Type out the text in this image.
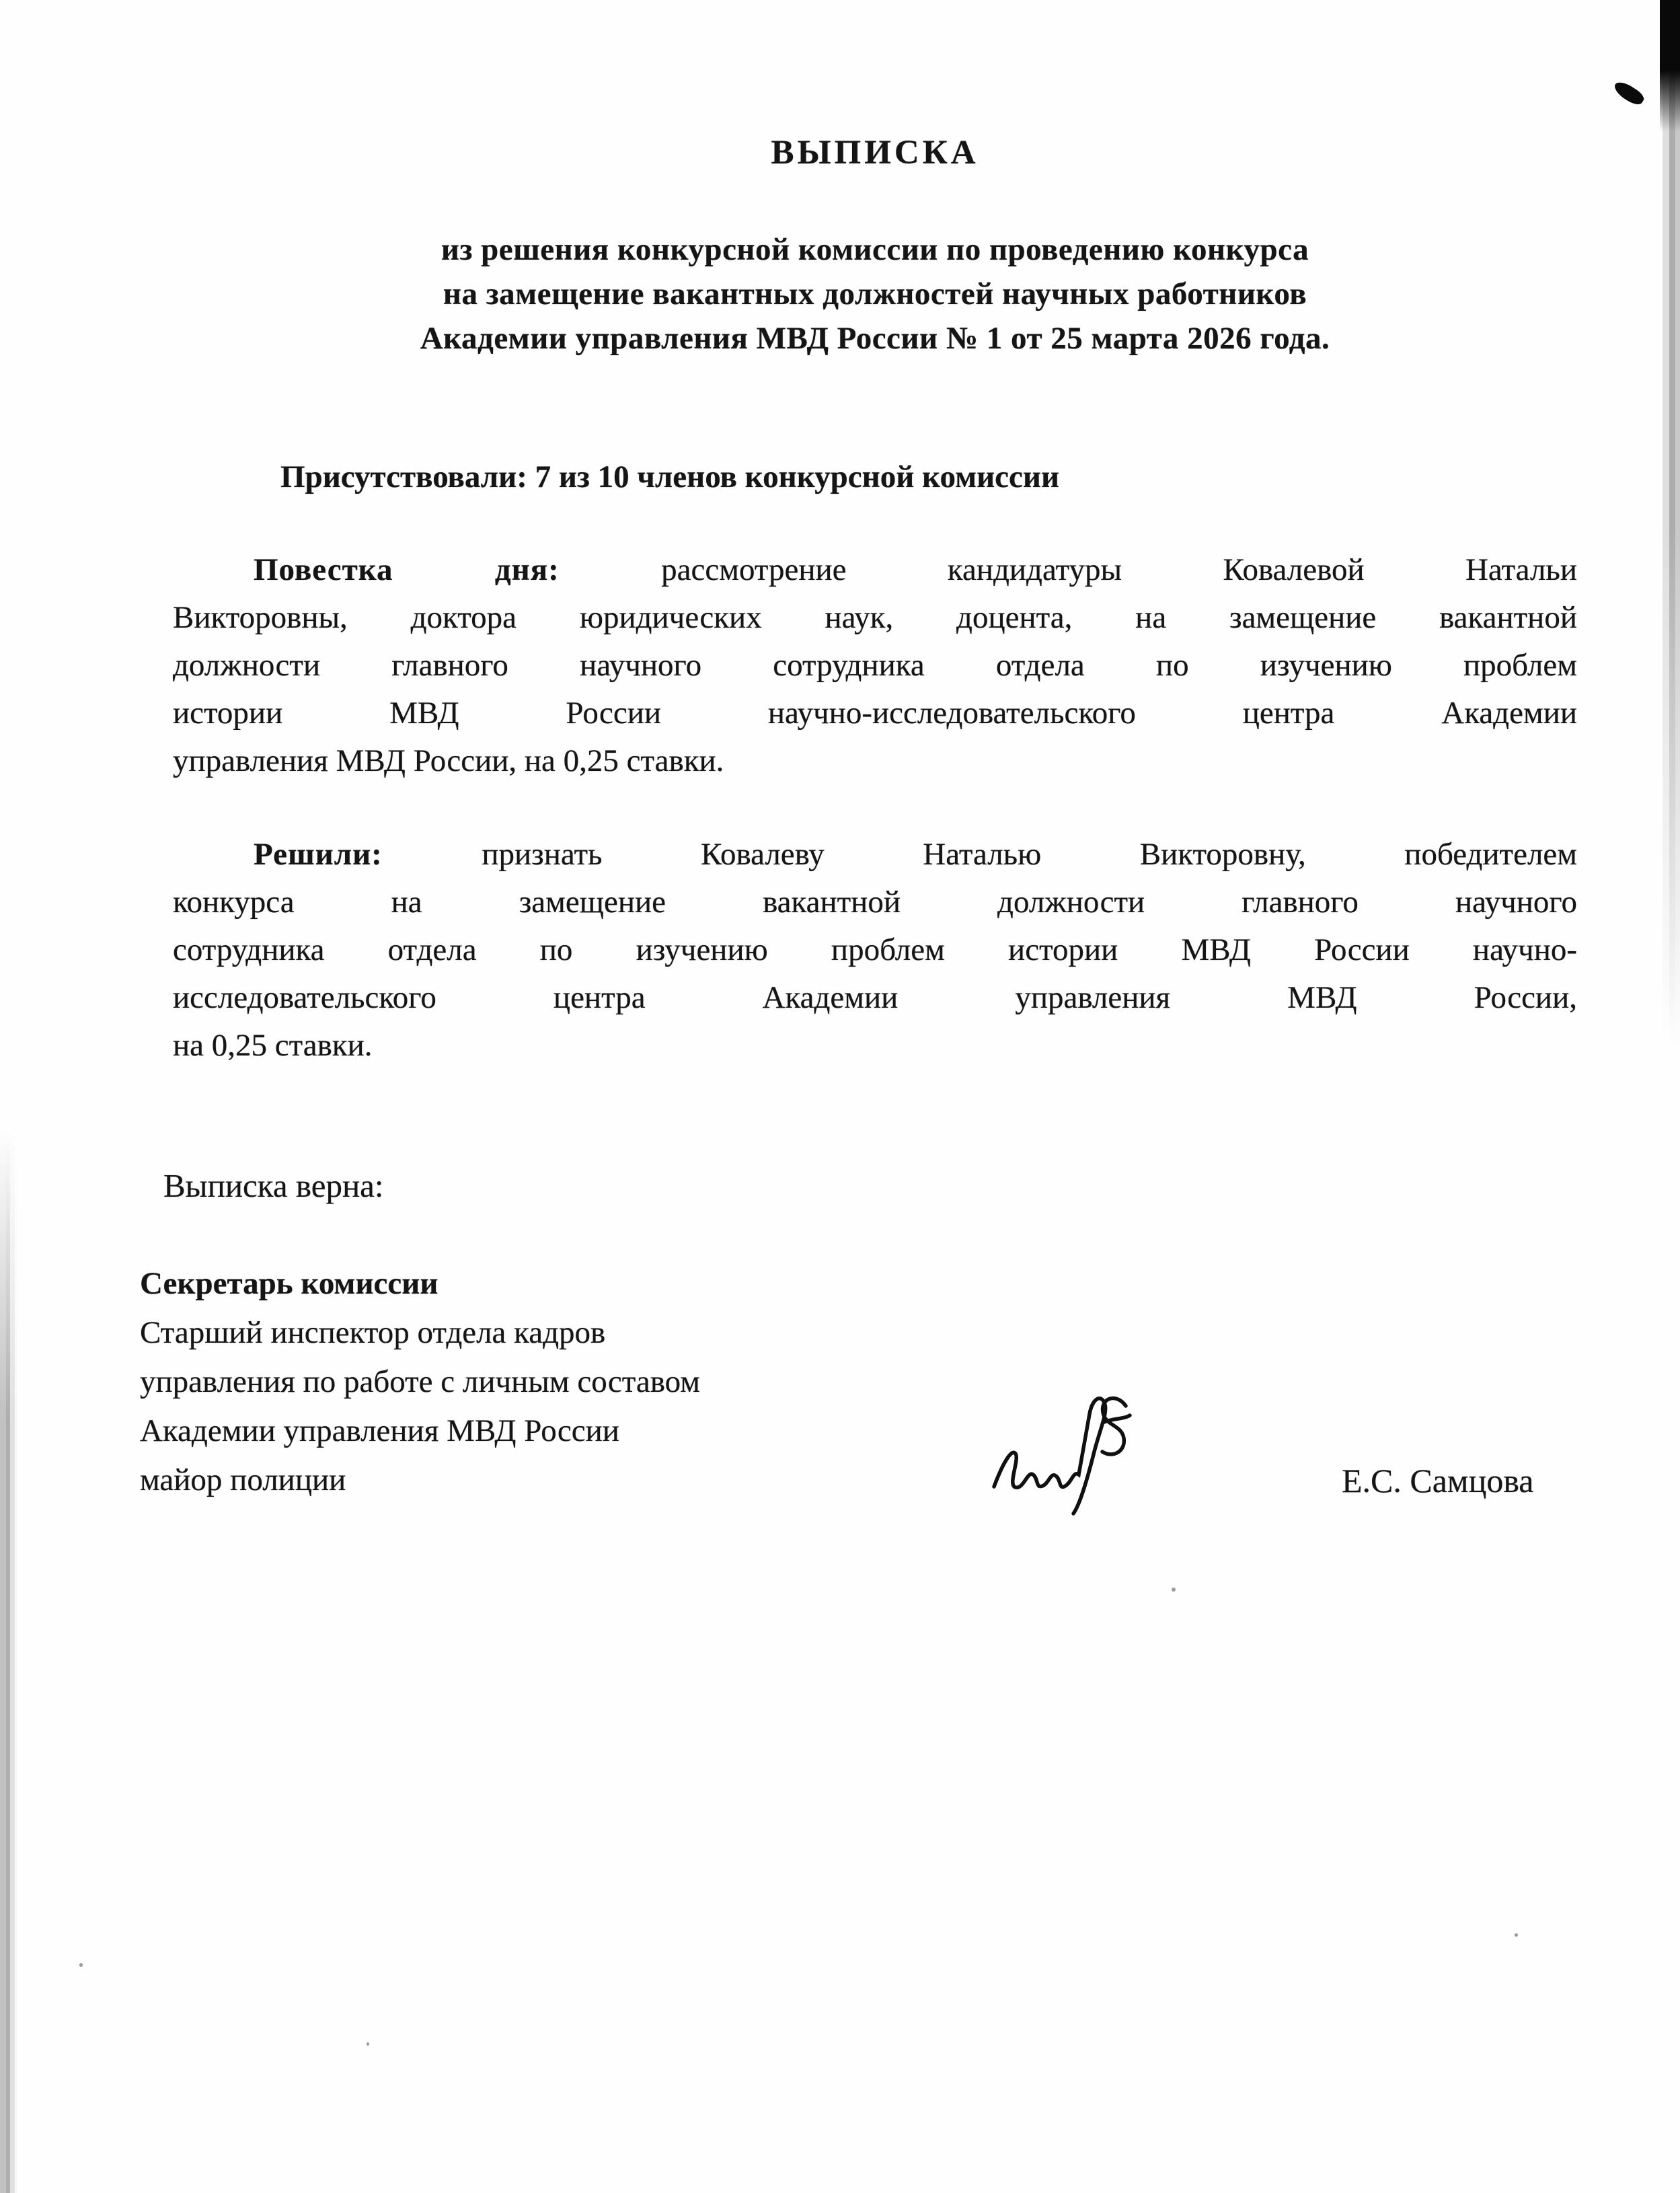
ВЫПИСКА
из решения конкурсной комиссии по проведению конкурса
на замещение вакантных должностей научных работников
Академии управления МВД России № 1 от 25 марта 2026 года.
Присутствовали: 7 из 10 членов конкурсной комиссии
Повестка дня: рассмотрение кандидатуры Ковалевой Натальи
Викторовны, доктора юридических наук, доцента, на замещение вакантной
должности главного научного сотрудника отдела по изучению проблем
истории МВД России научно-исследовательского центра Академии
управления МВД России, на 0,25 ставки.
Решили: признать Ковалеву Наталью Викторовну, победителем
конкурса на замещение вакантной должности главного научного
сотрудника отдела по изучению проблем истории МВД России научно-
исследовательского центра Академии управления МВД России,
на 0,25 ставки.
Выписка верна:
Секретарь комиссии
Старший инспектор отдела кадров
управления по работе с личным составом
Академии управления МВД России
майор полиции	Е.С. Самцова
